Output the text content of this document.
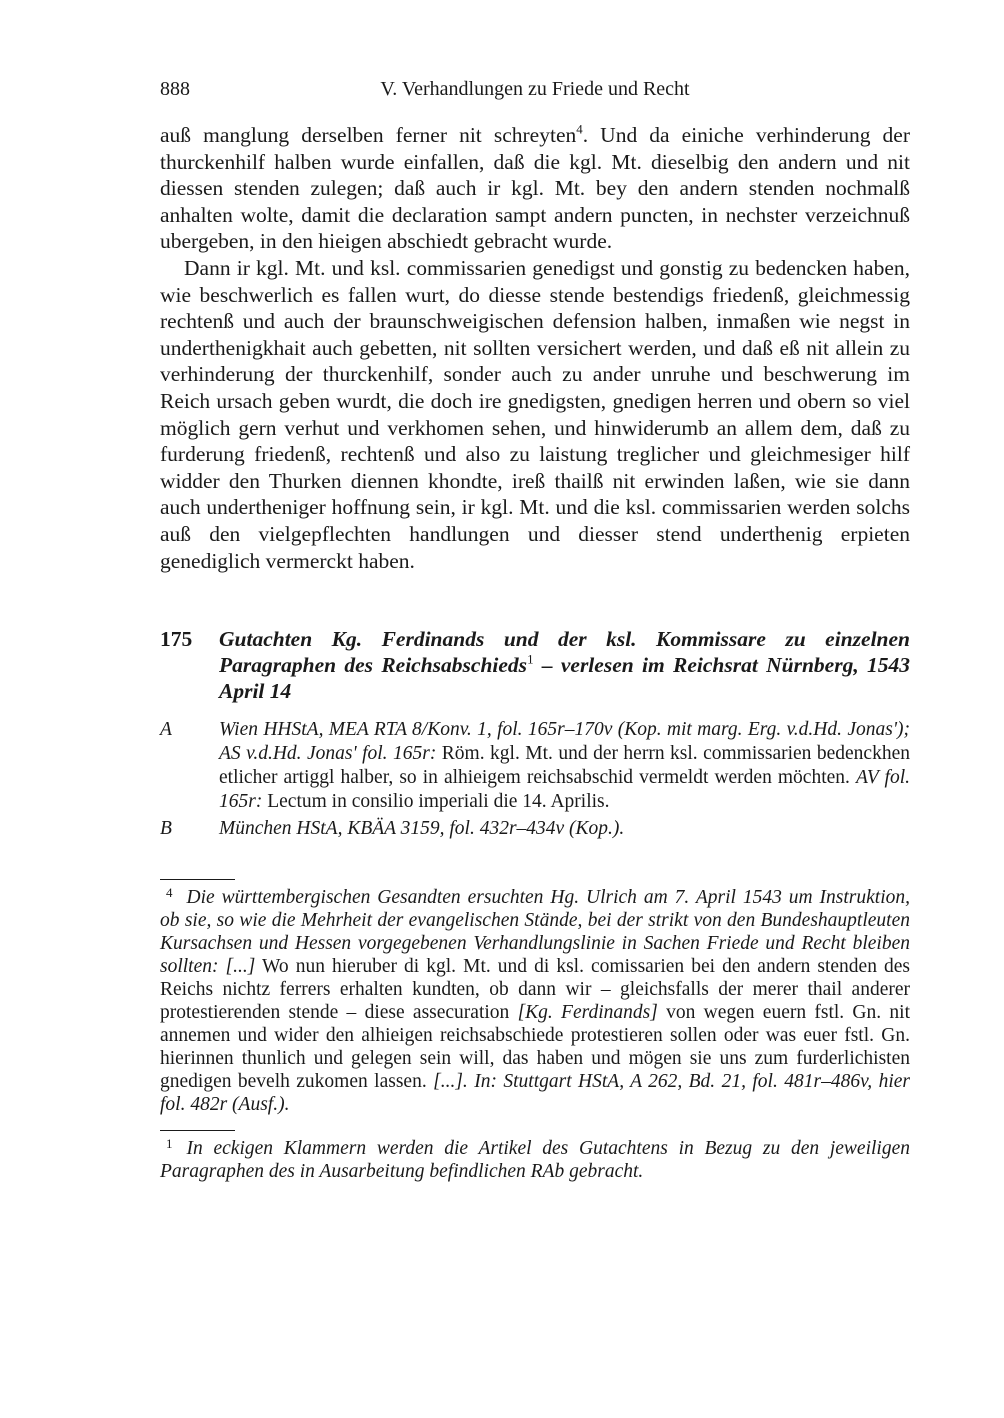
888	V. Verhandlungen zu Friede und Recht

auß manglung derselben ferner nit schreyten$^4$. Und da einiche verhinderung der thurckenhilf halben wurde einfallen, daß die kgl. Mt. dieselbig den andern und nit diessen stenden zulegen; daß auch ir kgl. Mt. bey den andern stenden nochmalß anhalten wolte, damit die declaration sampt andern puncten, in nechster verzeichnuß ubergeben, in den hieigen abschiedt gebracht wurde.

Dann ir kgl. Mt. und ksl. commissarien genedigst und gonstig zu bedencken haben, wie beschwerlich es fallen wurt, do diesse stende bestendigs friedenß, gleichmessig rechtenß und auch der braunschweigischen defension halben, inmaßen wie negst in underthenigkhait auch gebetten, nit sollten versichert werden, und daß eß nit allein zu verhinderung der thurckenhilf, sonder auch zu ander unruhe und beschwerung im Reich ursach geben wurdt, die doch ire gnedigsten, gnedigen herren und obern so viel möglich gern verhut und verkhomen sehen, und hinwiderumb an allem dem, daß zu furderung friedenß, rechtenß und also zu laistung treglicher und gleichmesiger hilf widder den Thurken diennen khondte, ireß thailß nit erwinden laßen, wie sie dann auch undertheniger hoffnung sein, ir kgl. Mt. und die ksl. commissarien werden solchs auß den vielgepflechten handlungen und diesser stend underthenig erpieten genediglich vermerckt haben.

175	Gutachten Kg. Ferdinands und der ksl. Kommissare zu einzelnen Paragraphen des Reichsabschieds$^1$ – verlesen im Reichsrat Nürnberg, 1543 April 14
A	Wien HHStA, MEA RTA 8/Konv. 1, fol. 165r–170v (Kop. mit marg. Erg. v.d.Hd. Jonas'); AS v.d.Hd. Jonas' fol. 165r: Röm. kgl. Mt. und der herrn ksl. commissarien bedenckhen etlicher artiggl halber, so in alhieigem reichsabschid vermeldt werden möchten. AV fol. 165r: Lectum in consilio imperiali die 14. Aprilis.
B	München HStA, KBÄA 3159, fol. 432r–434v (Kop.).
4 Die württembergischen Gesandten ersuchten Hg. Ulrich am 7. April 1543 um Instruktion, ob sie, so wie die Mehrheit der evangelischen Stände, bei der strikt von den Bundeshauptleuten Kursachsen und Hessen vorgegebenen Verhandlungslinie in Sachen Friede und Recht bleiben sollten: [...] Wo nun hieruber di kgl. Mt. und di ksl. comissarien bei den andern stenden des Reichs nichtz ferrers erhalten kundten, ob dann wir – gleichsfalls der merer thail anderer protestierenden stende – diese assecuration [Kg. Ferdinands] von wegen euern fstl. Gn. nit annemen und wider den alhieigen reichsabschiede protestieren sollen oder was euer fstl. Gn. hierinnen thunlich und gelegen sein will, das haben und mögen sie uns zum furderlichisten gnedigen bevelh zukomen lassen. [...]. In: Stuttgart HStA, A 262, Bd. 21, fol. 481r–486v, hier fol. 482r (Ausf.).
1 In eckigen Klammern werden die Artikel des Gutachtens in Bezug zu den jeweiligen Paragraphen des in Ausarbeitung befindlichen RAb gebracht.
